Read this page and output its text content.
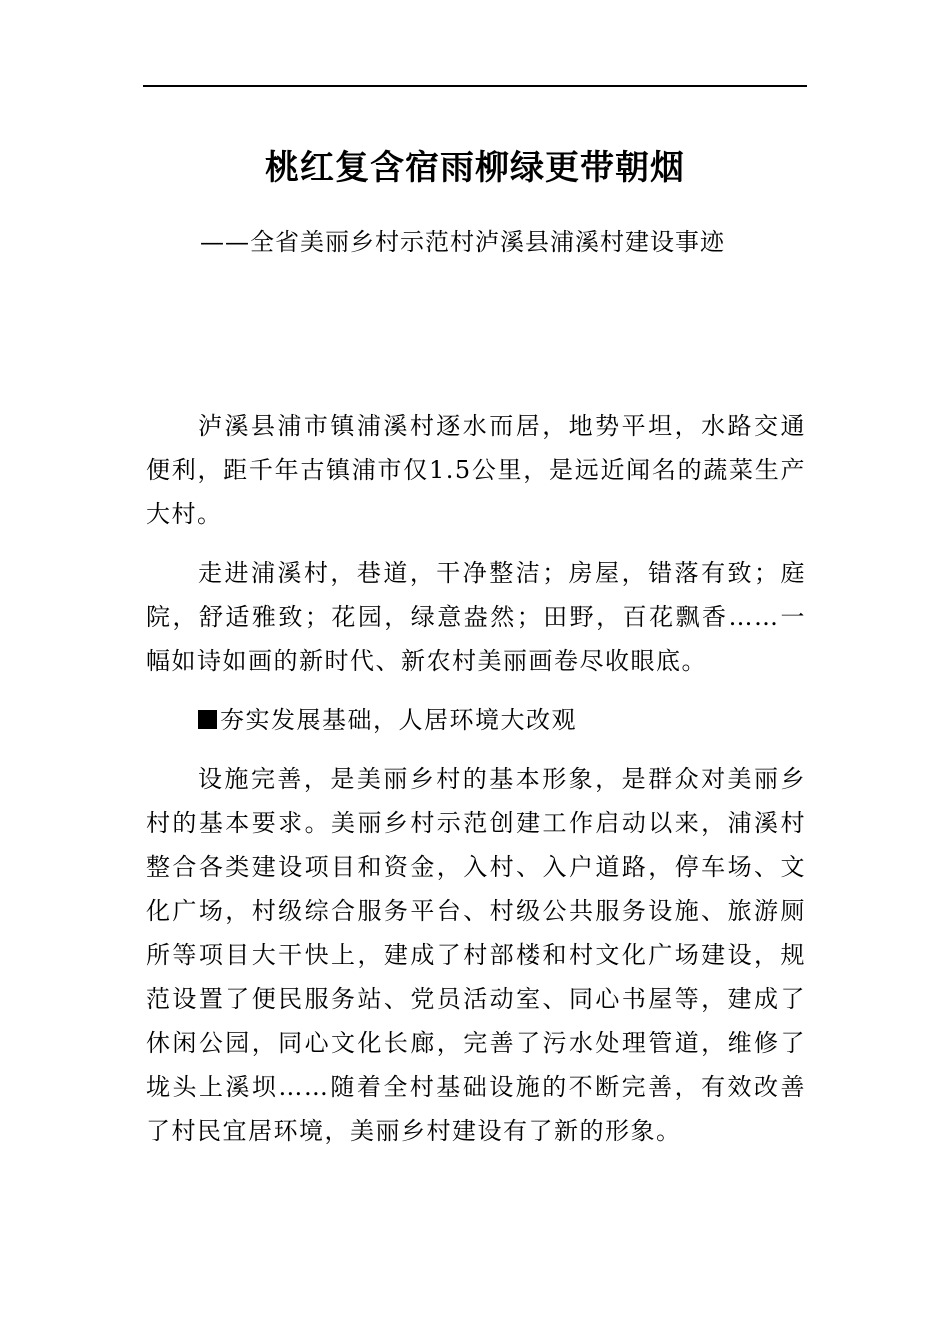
桃红复含宿雨柳绿更带朝烟
——全省美丽乡村示范村泸溪县浦溪村建设事迹

泸溪县浦市镇浦溪村逐水而居，地势平坦，水路交通便利，距千年古镇浦市仅1.5公里，是远近闻名的蔬菜生产大村。

走进浦溪村，巷道，干净整洁；房屋，错落有致；庭院，舒适雅致；花园，绿意盎然；田野，百花飘香……一幅如诗如画的新时代、新农村美丽画卷尽收眼底。

夯实发展基础，人居环境大改观

设施完善，是美丽乡村的基本形象，是群众对美丽乡村的基本要求。美丽乡村示范创建工作启动以来，浦溪村整合各类建设项目和资金，入村、入户道路，停车场、文化广场，村级综合服务平台、村级公共服务设施、旅游厕所等项目大干快上，建成了村部楼和村文化广场建设，规范设置了便民服务站、党员活动室、同心书屋等，建成了休闲公园，同心文化长廊，完善了污水处理管道，维修了垅头上溪坝……随着全村基础设施的不断完善，有效改善了村民宜居环境，美丽乡村建设有了新的形象。
